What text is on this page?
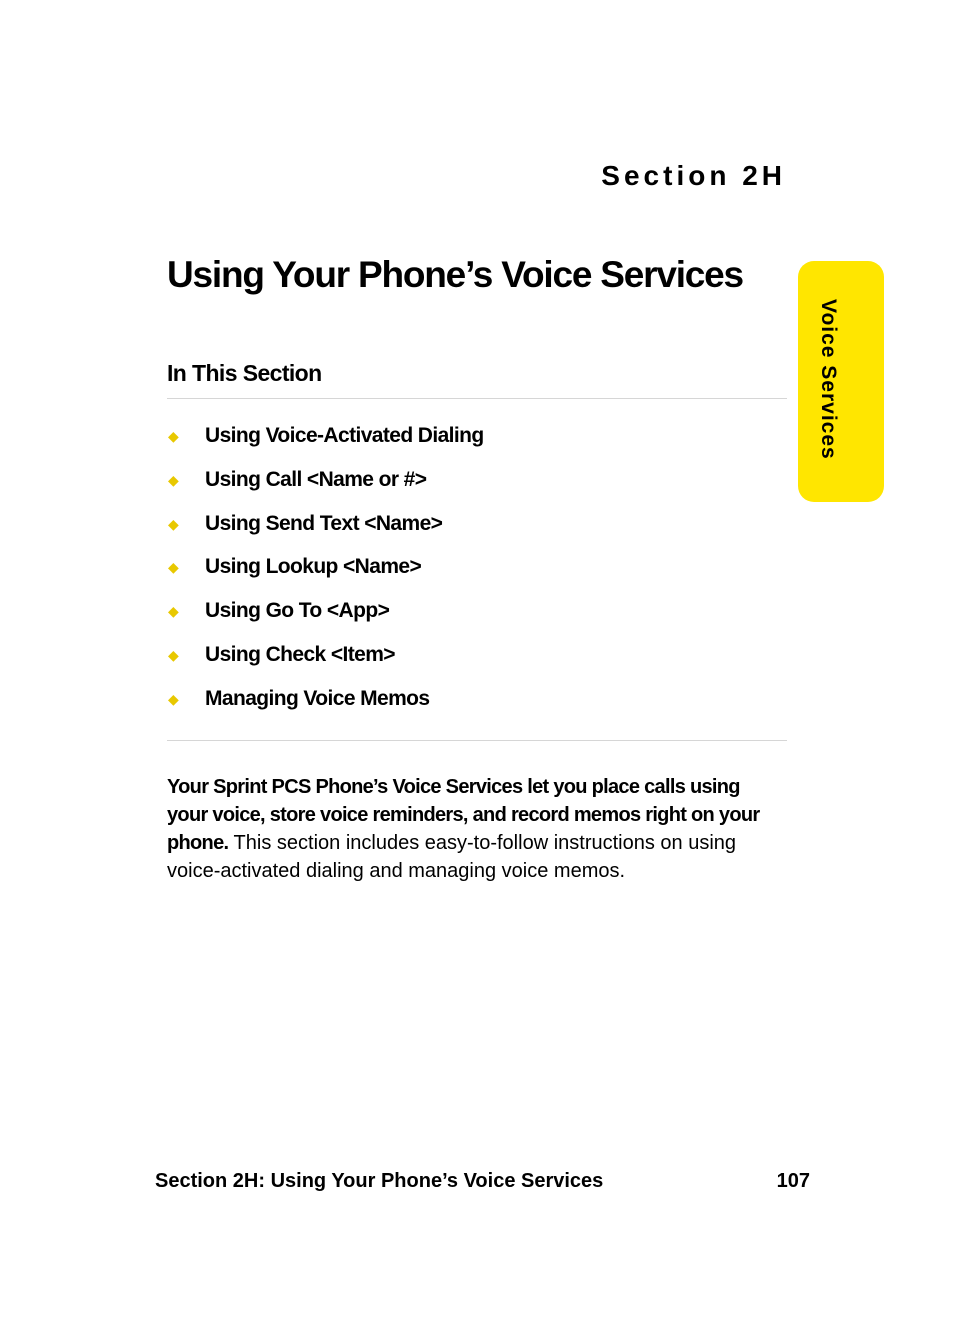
Section 2H
Using Your Phone’s Voice Services
Voice Services
In This Section
◆	Using Voice-Activated Dialing
◆	Using Call <Name or #>
◆	Using Send Text <Name>
◆	Using Lookup <Name>
◆	Using Go To <App>
◆	Using Check <Item>
◆	Managing Voice Memos

Your Sprint PCS Phone’s Voice Services let you place calls using your voice, store voice reminders, and record memos right on your phone. This section includes easy-to-follow instructions on using voice-activated dialing and managing voice memos.

Section 2H: Using Your Phone’s Voice Services	107
